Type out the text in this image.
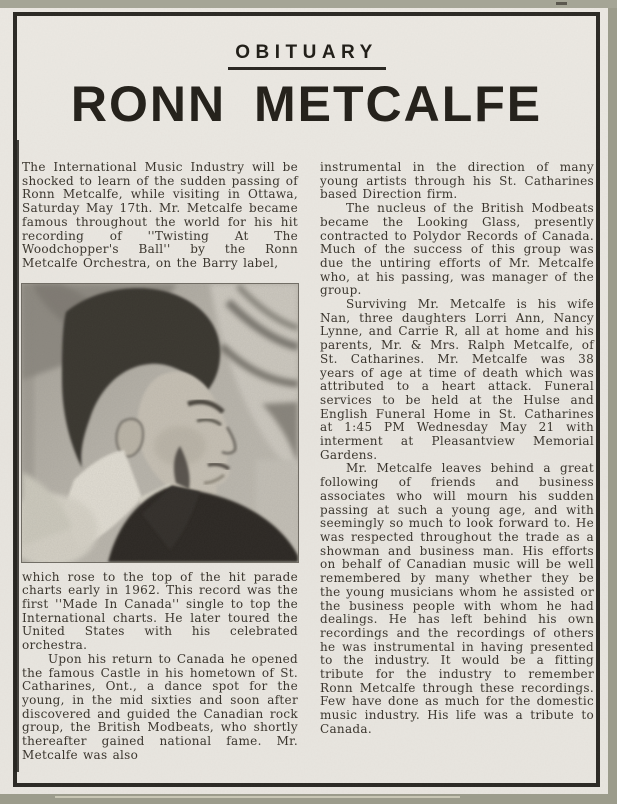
OBITUARY
RONN METCALFE

The International Music Industry will be shocked to learn of the sudden passing of Ronn Metcalfe, while visiting in Ottawa, Saturday May 17th. Mr. Metcalfe became famous throughout the world for his hit recording of ''Twisting At The Woodchopper's Ball'' by the Ronn Metcalfe Orchestra, on the Barry label,

which rose to the top of the hit parade charts early in 1962. This record was the first ''Made In Canada'' single to top the International charts. He later toured the United States with his celebrated orchestra.

Upon his return to Canada he opened the famous Castle in his hometown of St. Catharines, Ont., a dance spot for the young, in the mid sixties and soon after discovered and guided the Canadian rock group, the British Modbeats, who shortly thereafter gained national fame. Mr. Metcalfe was also

instrumental in the direction of many young artists through his St. Catharines based Direction firm.

The nucleus of the British Modbeats became the Looking Glass, presently contracted to Polydor Records of Canada. Much of the success of this group was due the untiring efforts of Mr. Metcalfe who, at his passing, was manager of the group.

Surviving Mr. Metcalfe is his wife Nan, three daughters Lorri Ann, Nancy Lynne, and Carrie R, all at home and his parents, Mr. & Mrs. Ralph Metcalfe, of St. Catharines. Mr. Metcalfe was 38 years of age at time of death which was attributed to a heart attack. Funeral services to be held at the Hulse and English Funeral Home in St. Catharines at 1:45 PM Wednesday May 21 with interment at Pleasantview Memorial Gardens.

Mr. Metcalfe leaves behind a great following of friends and business associates who will mourn his sudden passing at such a young age, and with seemingly so much to look forward to. He was respected throughout the trade as a showman and business man. His efforts on behalf of Canadian music will be well remembered by many whether they be the young musicians whom he assisted or the business people with whom he had dealings. He has left behind his own recordings and the recordings of others he was instrumental in having presented to the industry. It would be a fitting tribute for the industry to remember Ronn Metcalfe through these recordings. Few have done as much for the domestic music industry. His life was a tribute to Canada.
